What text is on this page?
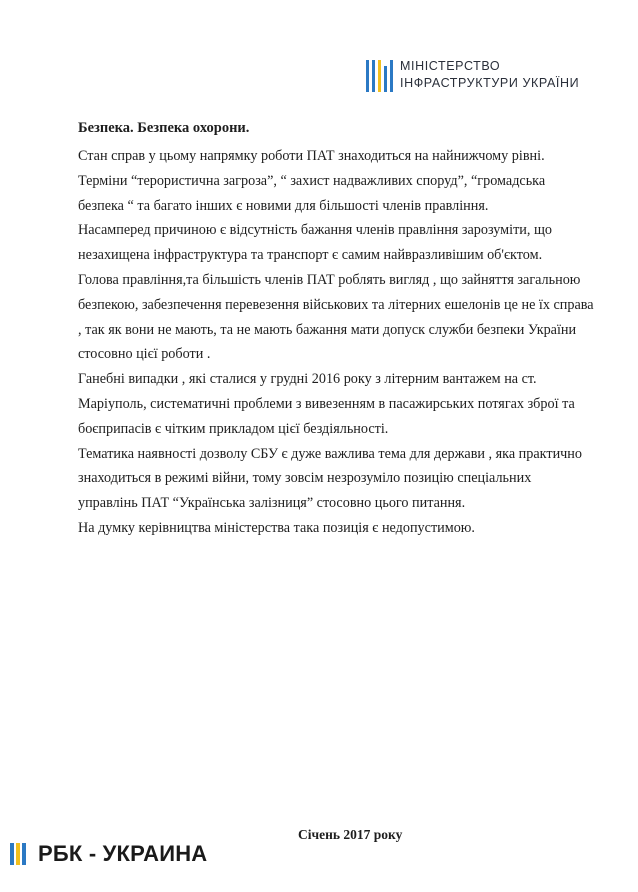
МІНІСТЕРСТВО
ІНФРАСТРУКТУРИ УКРАЇНИ
Безпека. Безпека охорони.
Стан справ у цьому напрямку роботи ПАТ знаходиться на найнижчому рівні.
Терміни “терористична загроза”, “ захист надважливих споруд”, “громадська
безпека “ та багато інших є новими для більшості членів правління.
Насамперед причиною є відсутність бажання членів правління зарозуміти, що
незахищена інфраструктура та транспорт є самим найвразливішим об'єктом.
Голова правління,та більшість членів ПАТ роблять вигляд , що зайняття загальною
безпекою, забезпечення перевезення військових та літерних ешелонів це не їх справа
, так як вони не мають, та не мають бажання мати допуск служби безпеки України
стосовно цієї роботи .
Ганебні випадки , які сталися у грудні 2016 року з літерним вантажем на ст.
Маріуполь, систематичні проблеми з вивезенням в пасажирських потягах зброї та
боєприпасів є чітким прикладом цієї бездіяльності.
Тематика наявності дозволу СБУ є дуже важлива тема для держави , яка практично
знаходиться в режимі війни, тому зовсім незрозуміло позицію спеціальних
управлінь ПАТ “Українська залізниця” стосовно цього питання.
На думку керівництва міністерства така позиція є недопустимою.
Січень 2017 року
РБК - УКРАИНА
